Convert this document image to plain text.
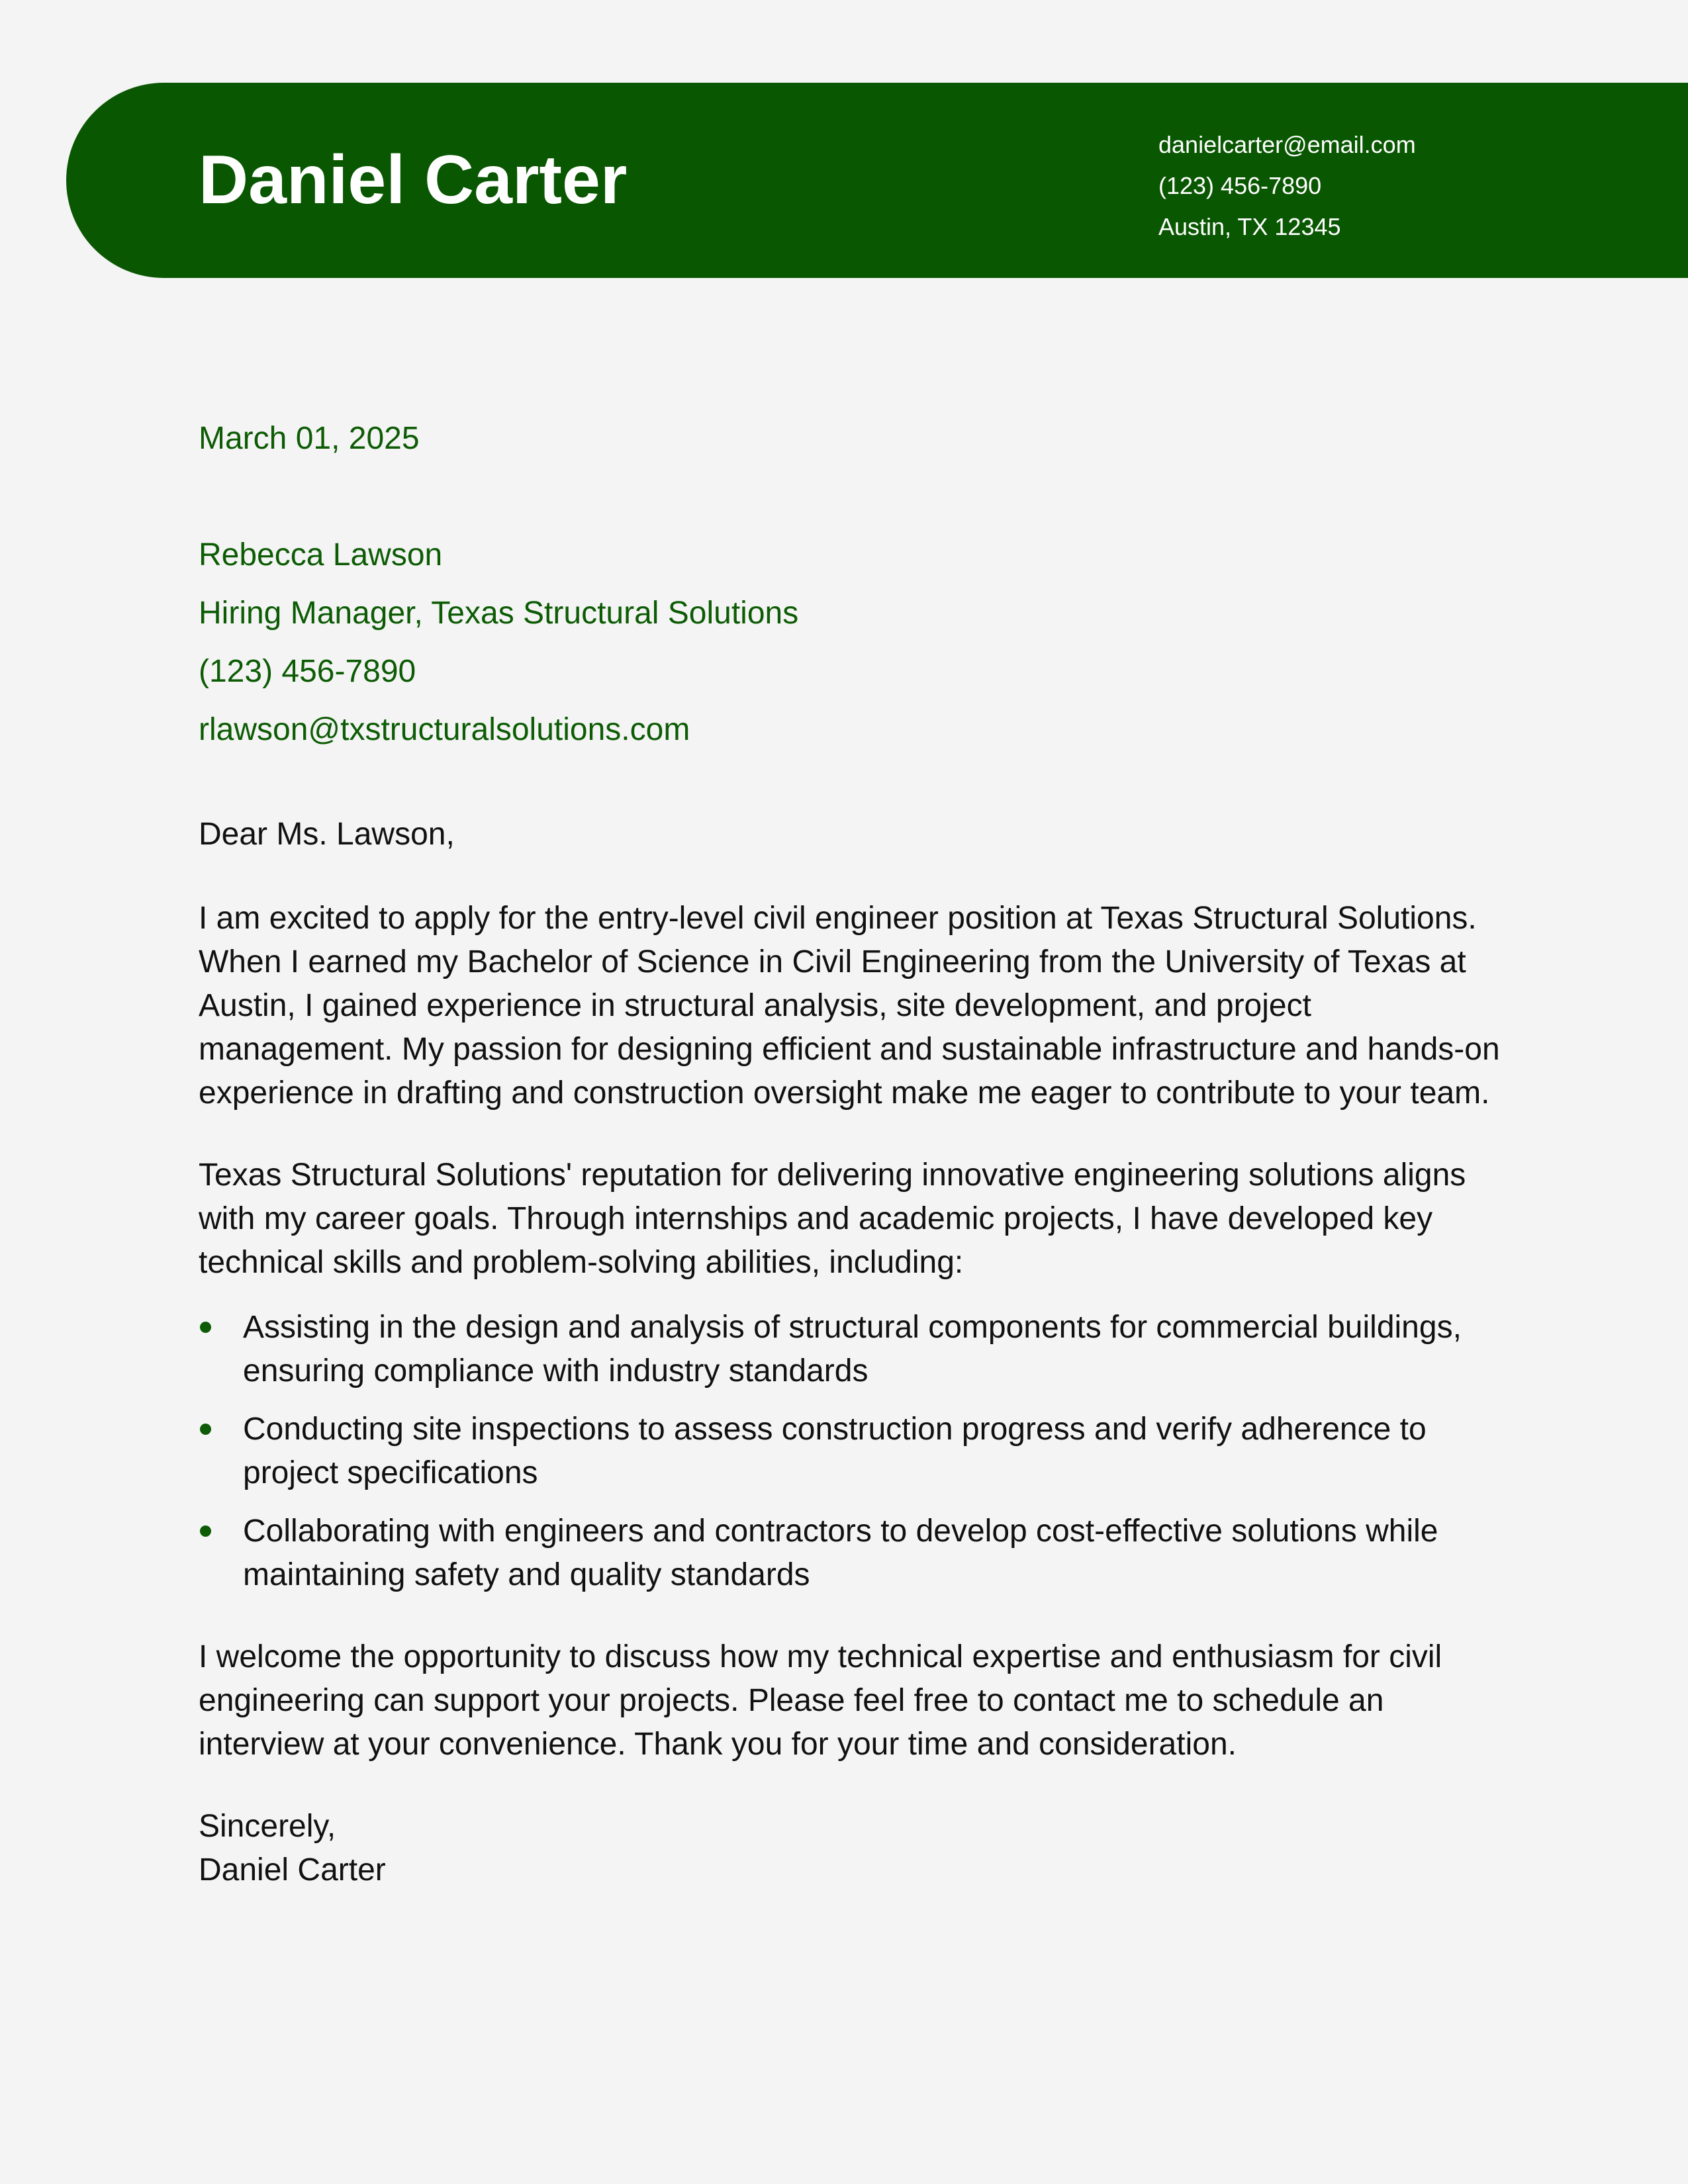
Daniel Carter	danielcarter@email.com
(123) 456-7890
Austin, TX 12345
March 01, 2025
Rebecca Lawson
Hiring Manager, Texas Structural Solutions
(123) 456-7890
rlawson@txstructuralsolutions.com

Dear Ms. Lawson,

I am excited to apply for the entry-level civil engineer position at Texas Structural Solutions. When I earned my Bachelor of Science in Civil Engineering from the University of Texas at Austin, I gained experience in structural analysis, site development, and project management. My passion for designing efficient and sustainable infrastructure and hands-on experience in drafting and construction oversight make me eager to contribute to your team.

Texas Structural Solutions' reputation for delivering innovative engineering solutions aligns with my career goals. Through internships and academic projects, I have developed key technical skills and problem-solving abilities, including:

Assisting in the design and analysis of structural components for commercial buildings, ensuring compliance with industry standards
Conducting site inspections to assess construction progress and verify adherence to project specifications
Collaborating with engineers and contractors to develop cost-effective solutions while maintaining safety and quality standards

I welcome the opportunity to discuss how my technical expertise and enthusiasm for civil engineering can support your projects. Please feel free to contact me to schedule an interview at your convenience. Thank you for your time and consideration.

Sincerely,
Daniel Carter
